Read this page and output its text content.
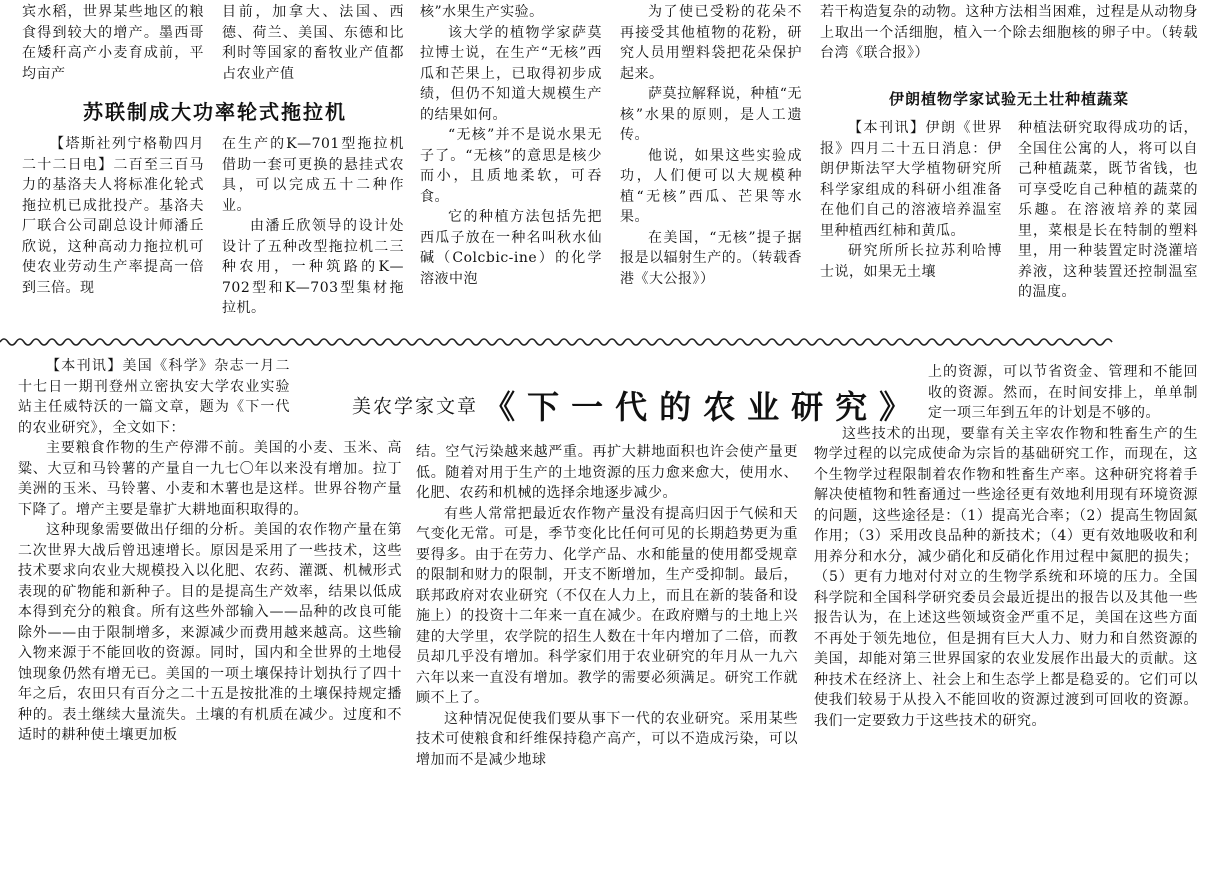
宾水稻，世界某些地区的粮食得到较大的增产。墨西哥在矮秆高产小麦育成前，平均亩产

苏联制成大功率轮式拖拉机

【塔斯社列宁格勒四月二十二日电】二百至三百马力的基洛夫人将标准化轮式拖拉机已成批投产。基洛夫厂联合公司副总设计师潘丘欣说，这种高动力拖拉机可使农业劳动生产率提高一倍到三倍。现

目前，加拿大、法国、西德、荷兰、美国、东德和比利时等国家的畜牧业产值都占农业产值

在生产的K—701型拖拉机借助一套可更换的悬挂式农具，可以完成五十二种作业。

由潘丘欣领导的设计处设计了五种改型拖拉机二三种农用，一种筑路的K—702型和K—703型集材拖拉机。

核”水果生产实验。

该大学的植物学家萨莫拉博士说，在生产“无核”西瓜和芒果上，已取得初步成绩，但仍不知道大规模生产的结果如何。

“无核”并不是说水果无子了。“无核”的意思是核少而小，且质地柔软，可吞食。

它的种植方法包括先把西瓜子放在一种名叫秋水仙碱（Colcbic-ine）的化学溶液中泡

为了使已受粉的花朵不再接受其他植物的花粉，研究人员用塑料袋把花朵保护起来。

萨莫拉解释说，种植“无核”水果的原则，是人工遗传。

他说，如果这些实验成功，人们便可以大规模种植“无核”西瓜、芒果等水果。

在美国，“无核”提子据报是以辐射生产的。（转载香港《大公报》）

若干构造复杂的动物。这种方法相当困难，过程是从动物身上取出一个活细胞，植入一个除去细胞核的卵子中。（转载台湾《联合报》）

伊朗植物学家试验无土壮种植蔬菜

【本刊讯】伊朗《世界报》四月二十五日消息：伊朗伊斯法罕大学植物研究所科学家组成的科研小组准备在他们自己的溶液培养温室里种植西红柿和黄瓜。

研究所所长拉苏利哈博士说，如果无土壤

种植法研究取得成功的话，全国住公寓的人，将可以自己种植蔬菜，既节省钱，也可享受吃自己种植的蔬菜的乐趣。在溶液培养的菜园里，菜根是长在特制的塑料里，用一种装置定时浇灌培养液，这种装置还控制温室的温度。

【本刊讯】美国《科学》杂志一月二十七日一期刊登州立密执安大学农业实验站主任威特沃的一篇文章，题为《下一代的农业研究》，全文如下：

主要粮食作物的生产停滞不前。美国的小麦、玉米、高粱、大豆和马铃薯的产量自一九七〇年以来没有增加。拉丁美洲的玉米、马铃薯、小麦和木薯也是这样。世界谷物产量下降了。增产主要是靠扩大耕地面积取得的。

这种现象需要做出仔细的分析。美国的农作物产量在第二次世界大战后曾迅速增长。原因是采用了一些技术，这些技术要求向农业大规模投入以化肥、农药、灌溉、机械形式表现的矿物能和新种子。目的是提高生产效率，结果以低成本得到充分的粮食。所有这些外部输入——品种的改良可能除外——由于限制增多，来源减少而费用越来越高。这些输入物来源于不能回收的资源。同时，国内和全世界的土地侵蚀现象仍然有增无已。美国的一项土壤保持计划执行了四十年之后，农田只有百分之二十五是按批准的土壤保持规定播种的。表土继续大量流失。土壤的有机质在减少。过度和不适时的耕种使土壤更加板

美农学家文章 《下一代的农业研究》

结。空气污染越来越严重。再扩大耕地面积也许会使产量更低。随着对用于生产的土地资源的压力愈来愈大，使用水、化肥、农药和机械的选择余地逐步减少。

有些人常常把最近农作物产量没有提高归因于气候和天气变化无常。可是，季节变化比任何可见的长期趋势更为重要得多。由于在劳力、化学产品、水和能量的使用都受规章的限制和财力的限制，开支不断增加，生产受抑制。最后，联邦政府对农业研究（不仅在人力上，而且在新的装备和设施上）的投资十二年来一直在减少。在政府赠与的土地上兴建的大学里，农学院的招生人数在十年内增加了二倍，而教员却几乎没有增加。科学家们用于农业研究的年月从一九六六年以来一直没有增加。教学的需要必须满足。研究工作就顾不上了。

这种情况促使我们要从事下一代的农业研究。采用某些技术可使粮食和纤维保持稳产高产，可以不造成污染，可以增加而不是减少地球

上的资源，可以节省资金、管理和不能回收的资源。然而，在时间安排上，单单制定一项三年到五年的计划是不够的。

这些技术的出现，要靠有关主宰农作物和牲畜生产的生物学过程的以完成使命为宗旨的基础研究工作，而现在，这个生物学过程限制着农作物和牲畜生产率。这种研究将着手解决使植物和牲畜通过一些途径更有效地利用现有环境资源的问题，这些途径是：（1）提高光合率；（2）提高生物固氮作用；（3）采用改良品种的新技术；（4）更有效地吸收和利用养分和水分，减少硝化和反硝化作用过程中氮肥的损失；（5）更有力地对付对立的生物学系统和环境的压力。全国科学院和全国科学研究委员会最近提出的报告以及其他一些报告认为，在上述这些领域资金严重不足，美国在这些方面不再处于领先地位，但是拥有巨大人力、财力和自然资源的美国，却能对第三世界国家的农业发展作出最大的贡献。这种技术在经济上、社会上和生态学上都是稳妥的。它们可以使我们较易于从投入不能回收的资源过渡到可回收的资源。我们一定要致力于这些技术的研究。
